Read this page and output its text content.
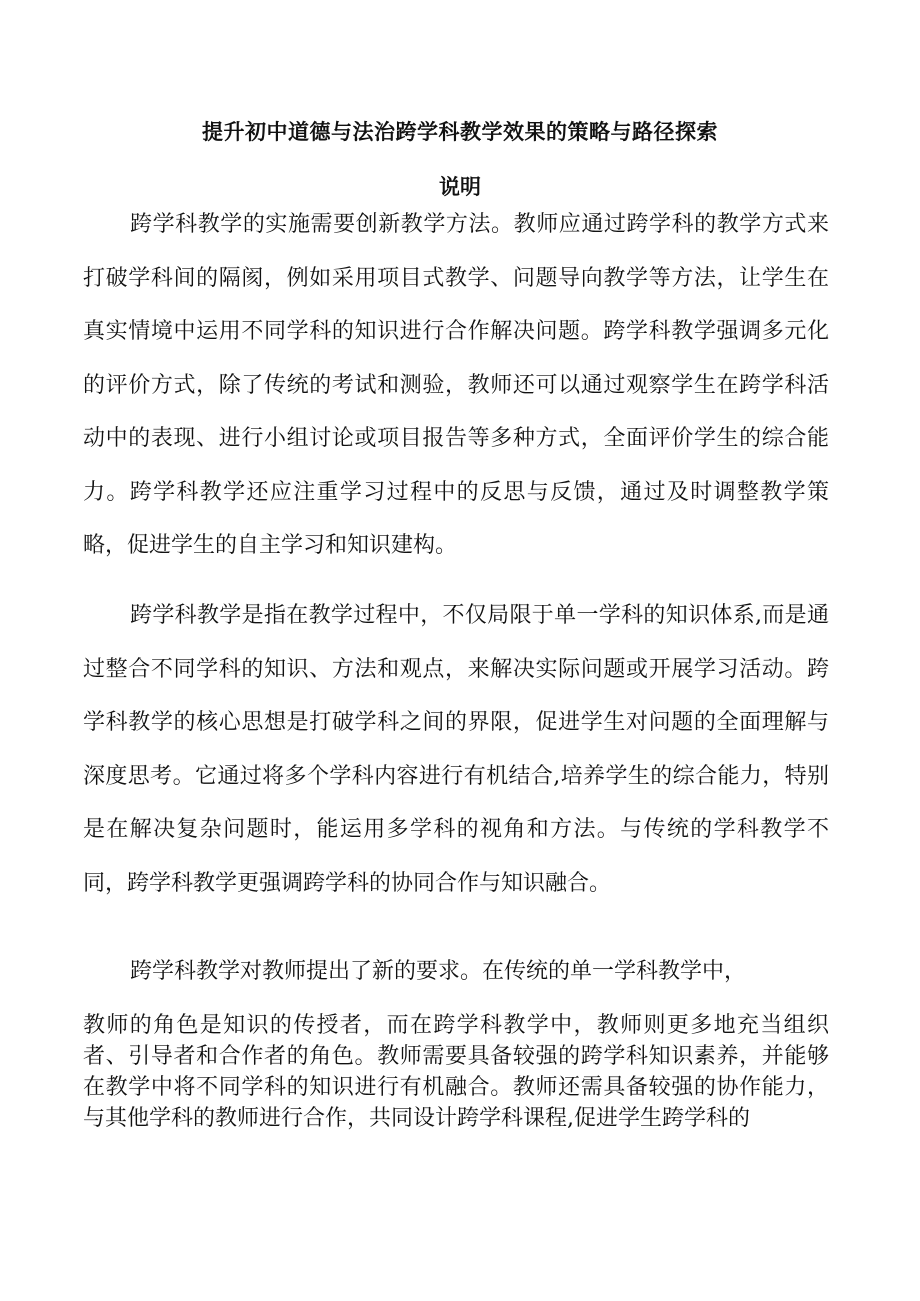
提升初中道德与法治跨学科教学效果的策略与路径探索
说明

跨学科教学的实施需要创新教学方法。教师应通过跨学科的教学方式来打破学科间的隔阂，例如采用项目式教学、问题导向教学等方法，让学生在真实情境中运用不同学科的知识进行合作解决问题。跨学科教学强调多元化的评价方式，除了传统的考试和测验，教师还可以通过观察学生在跨学科活动中的表现、进行小组讨论或项目报告等多种方式，全面评价学生的综合能力。跨学科教学还应注重学习过程中的反思与反馈，通过及时调整教学策略，促进学生的自主学习和知识建构。

跨学科教学是指在教学过程中，不仅局限于单一学科的知识体系,而是通过整合不同学科的知识、方法和观点，来解决实际问题或开展学习活动。跨学科教学的核心思想是打破学科之间的界限，促进学生对问题的全面理解与深度思考。它通过将多个学科内容进行有机结合,培养学生的综合能力，特别是在解决复杂问题时，能运用多学科的视角和方法。与传统的学科教学不同，跨学科教学更强调跨学科的协同合作与知识融合。

跨学科教学对教师提出了新的要求。在传统的单一学科教学中，

教师的角色是知识的传授者，而在跨学科教学中，教师则更多地充当组织者、引导者和合作者的角色。教师需要具备较强的跨学科知识素养，并能够在教学中将不同学科的知识进行有机融合。教师还需具备较强的协作能力，与其他学科的教师进行合作，共同设计跨学科课程,促进学生跨学科的
